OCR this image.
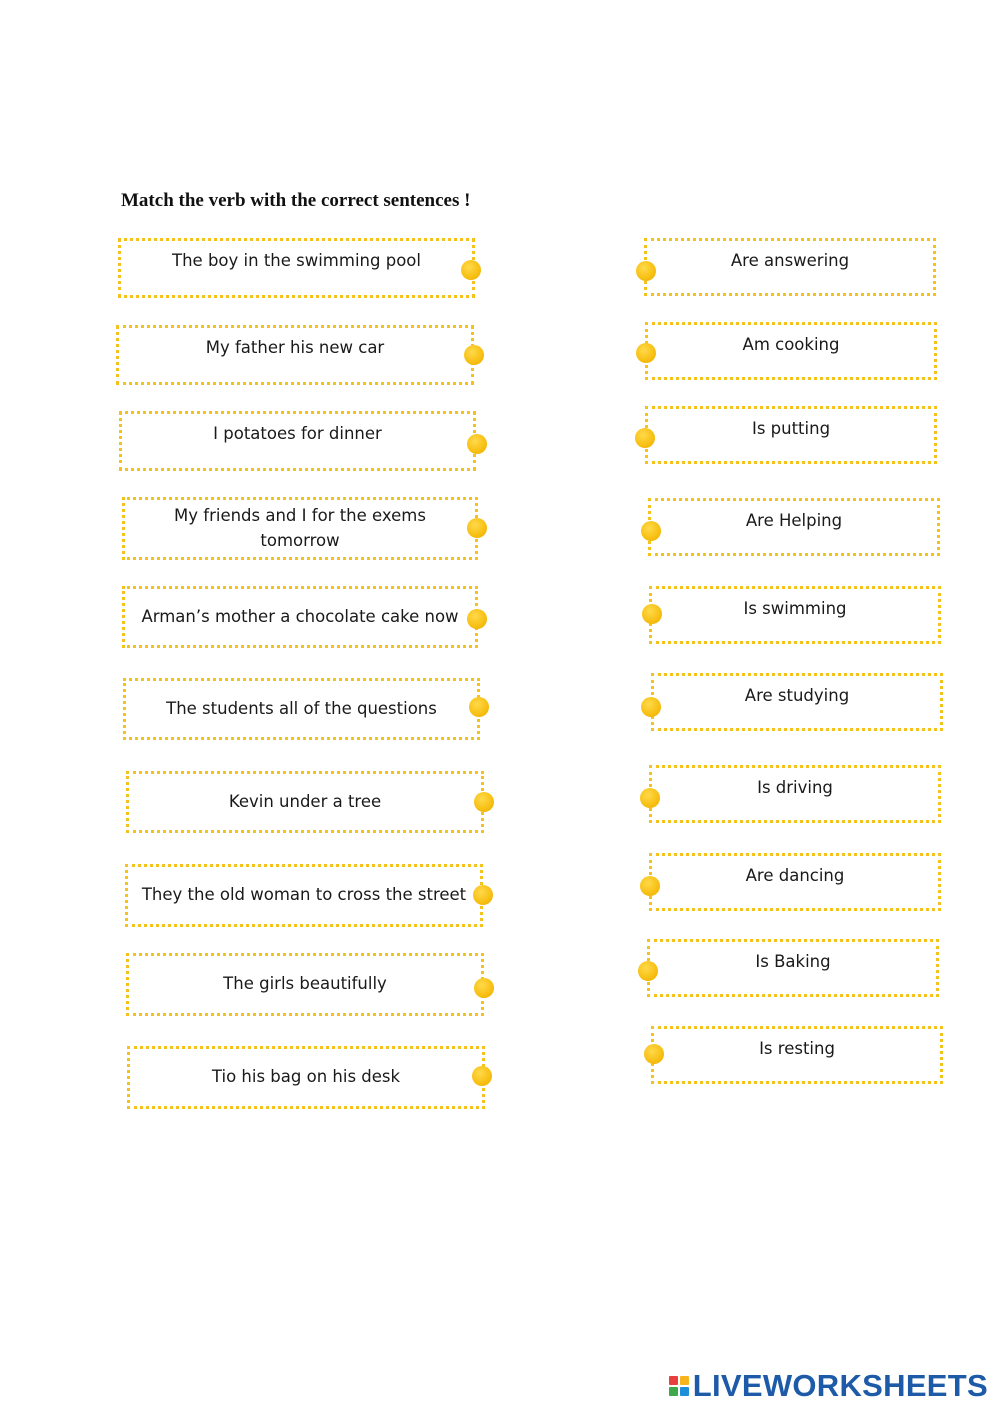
Match the verb with the correct sentences !
The boy in the swimming pool
My father his new car
I potatoes for dinner
My friends and I for the exems tomorrow
Arman’s mother a chocolate cake now
The students all of the questions
Kevin under a tree
They the old woman to cross the street
The girls beautifully
Tio his bag on his desk
Are answering
Am cooking
Is putting
Are Helping
Is swimming
Are studying
Is driving
Are dancing
Is Baking
Is resting
LIVEWORKSHEETS
